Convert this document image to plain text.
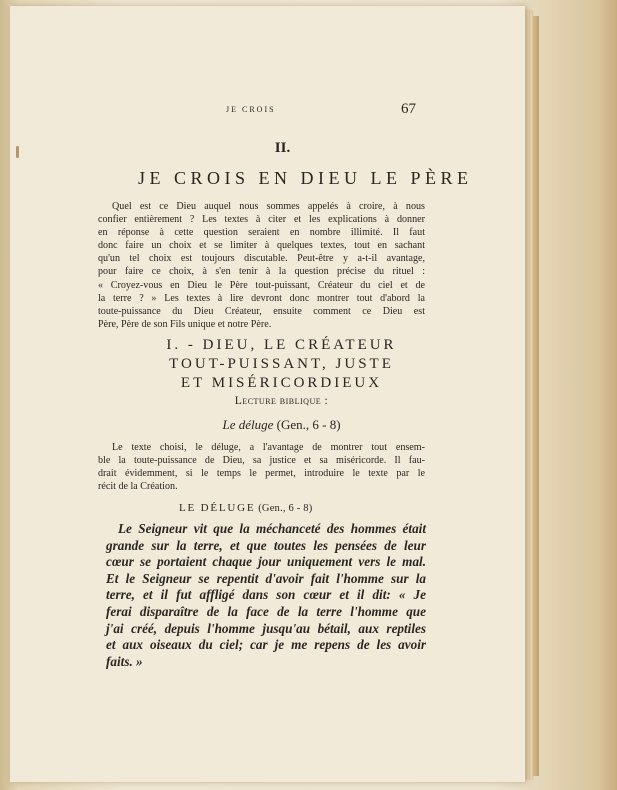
JE CROIS	67
II.
JE CROIS EN DIEU LE PÈRE
Quel est ce Dieu auquel nous sommes appelés à croire, à nous
confier entièrement ? Les textes à citer et les explications à donner
en réponse à cette question seraient en nombre illimité. Il faut
donc faire un choix et se limiter à quelques textes, tout en sachant
qu'un tel choix est toujours discutable. Peut-être y a-t-il avantage,
pour faire ce choix, à s'en tenir à la question précise du rituel :
« Croyez-vous en Dieu le Père tout-puissant, Créateur du ciel et de
la terre ? » Les textes à lire devront donc montrer tout d'abord la
toute-puissance du Dieu Créateur, ensuite comment ce Dieu est
Père, Père de son Fils unique et notre Père.
I. - DIEU, LE CRÉATEUR
TOUT-PUISSANT, JUSTE
ET MISÉRICORDIEUX
Lecture biblique :
Le déluge (Gen., 6 - 8)
Le texte choisi, le déluge, a l'avantage de montrer tout ensem-
ble la toute-puissance de Dieu, sa justice et sa miséricorde. Il fau-
drait évidemment, si le temps le permet, introduire le texte par le
récit de la Création.
LE DÉLUGE (Gen., 6 - 8)
Le Seigneur vit que la méchanceté des hommes était
grande sur la terre, et que toutes les pensées de leur
cœur se portaient chaque jour uniquement vers le mal.
Et le Seigneur se repentit d'avoir fait l'homme sur la
terre, et il fut affligé dans son cœur et il dit: « Je
ferai disparaître de la face de la terre l'homme que
j'ai créé, depuis l'homme jusqu'au bétail, aux reptiles
et aux oiseaux du ciel; car je me repens de les avoir
faits. »
